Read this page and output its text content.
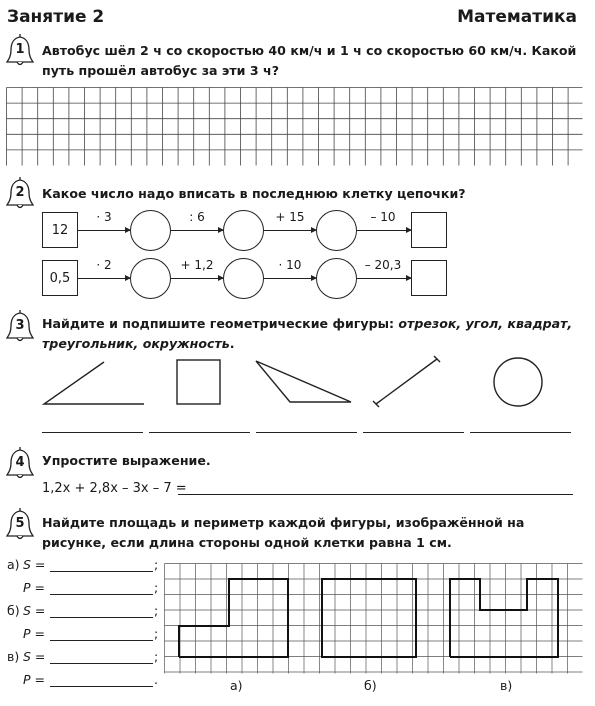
Занятие 2	Математика
1	Автобус шёл 2 ч со скоростью 40 км/ч и 1 ч со скоростью 60 км/ч. Какой путь прошёл автобус за эти 3 ч?
2	Какое число надо вписать в последнюю клетку цепочки?
12
· 3	: 6	+ 15	– 10
0,5
· 2	+ 1,2	· 10	– 20,3
3	Найдите и подпишите геометрические фигуры: отрезок, угол, квадрат, треугольник, окружность.
4	Упростите выражение.
1,2x + 2,8x – 3x – 7 =
5	Найдите площадь и периметр каждой фигуры, изображённой на рисунке, если длина стороны одной клетки равна 1 см.
а) S =	;
P =	;
б) S =	;
P =	;
в) S =	;
P =	.	а)	б)	в)
